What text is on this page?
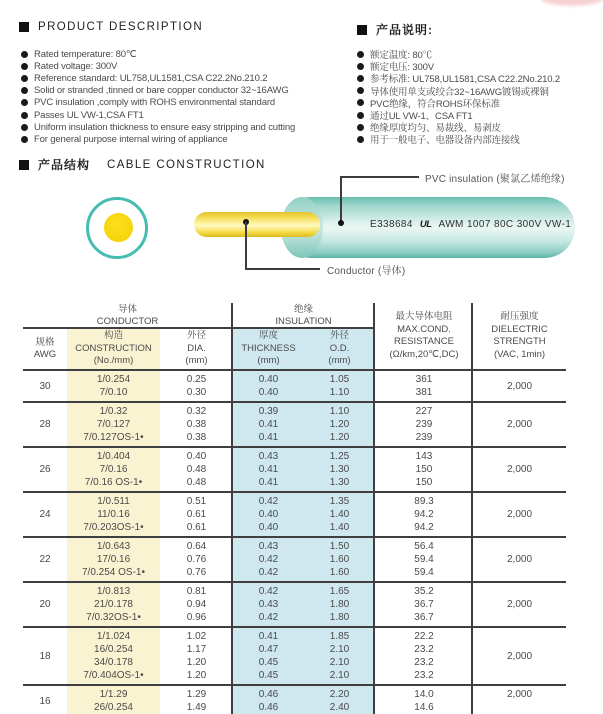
PRODUCT DESCRIPTION	产品说明:
Rated temperature: 80℃
Rated voltage: 300V
Reference standard: UL758,UL1581,CSA C22.2No.210.2
Solid or stranded ,tinned or bare copper conductor 32~16AWG
PVC insulation ,comply with ROHS environmental standard
Passes UL VW-1,CSA FT1
Uniform insulation thickness to ensure easy stripping and cutting
For general purpose internal wiring of appliance
额定温度: 80℃
额定电压: 300V
参考标准: UL758,UL1581,CSA C22.2No.210.2
导体使用单支或绞合32~16AWG镀锡或裸铜
PVC绝缘，符合ROHS环保标准
通过UL VW-1、CSA FT1
绝缘厚度均匀、易裁线、易剥皮
用于一般电子、电器设备内部连接线
产品结构 CABLE CONSTRUCTION
E338684 UL AWM 1007 80C 300V VW-1
PVC insulation (聚氯乙烯绝缘)
Conductor (导体)
导体
CONDUCTOR
绝缘
INSULATION
规格
AWG
构造
CONSTRUCTION
(No./mm)
外径
DIA.
(mm)
厚度
THICKNESS
(mm)
外径
O.D.
(mm)
最大导体电阻
MAX.COND.
RESISTANCE
(Ω/km,20℃,DC)
耐压强度
DIELECTRIC
STRENGTH
(VAC, 1min)
30
1/0.254
7/0.10
0.25
0.30
0.40
0.40
1.05
1.10
361
381
2,000
28
1/0.32
7/0.127
7/0.127OS-1•
0.32
0.38
0.38
0.39
0.41
0.41
1.10
1.20
1.20
227
239
239
2,000
26
1/0.404
7/0.16
7/0.16 OS-1•
0.40
0.48
0.48
0.43
0.41
0.41
1.25
1.30
1.30
143
150
150
2,000
24
1/0.511
11/0.16
7/0.203OS-1•
0.51
0.61
0.61
0.42
0.40
0.40
1.35
1.40
1.40
89.3
94.2
94.2
2,000
22
1/0.643
17/0.16
7/0.254 OS-1•
0.64
0.76
0.76
0.43
0.42
0.42
1.50
1.60
1.60
56.4
59.4
59.4
2,000
20
1/0.813
21/0.178
7/0.32OS-1•
0.81
0.94
0.96
0.42
0.43
0.42
1.65
1.80
1.80
35.2
36.7
36.7
2,000
18
1/1.024
16/0.254
34/0.178
7/0.404OS-1•
1.02
1.17
1.20
1.20
0.41
0.47
0.45
0.45
1.85
2.10
2.10
2.10
22.2
23.2
23.2
23.2
2,000
16
1/1.29
26/0.254
1.29
1.49
0.46
0.46
2.20
2.40
14.0
14.6
2,000
